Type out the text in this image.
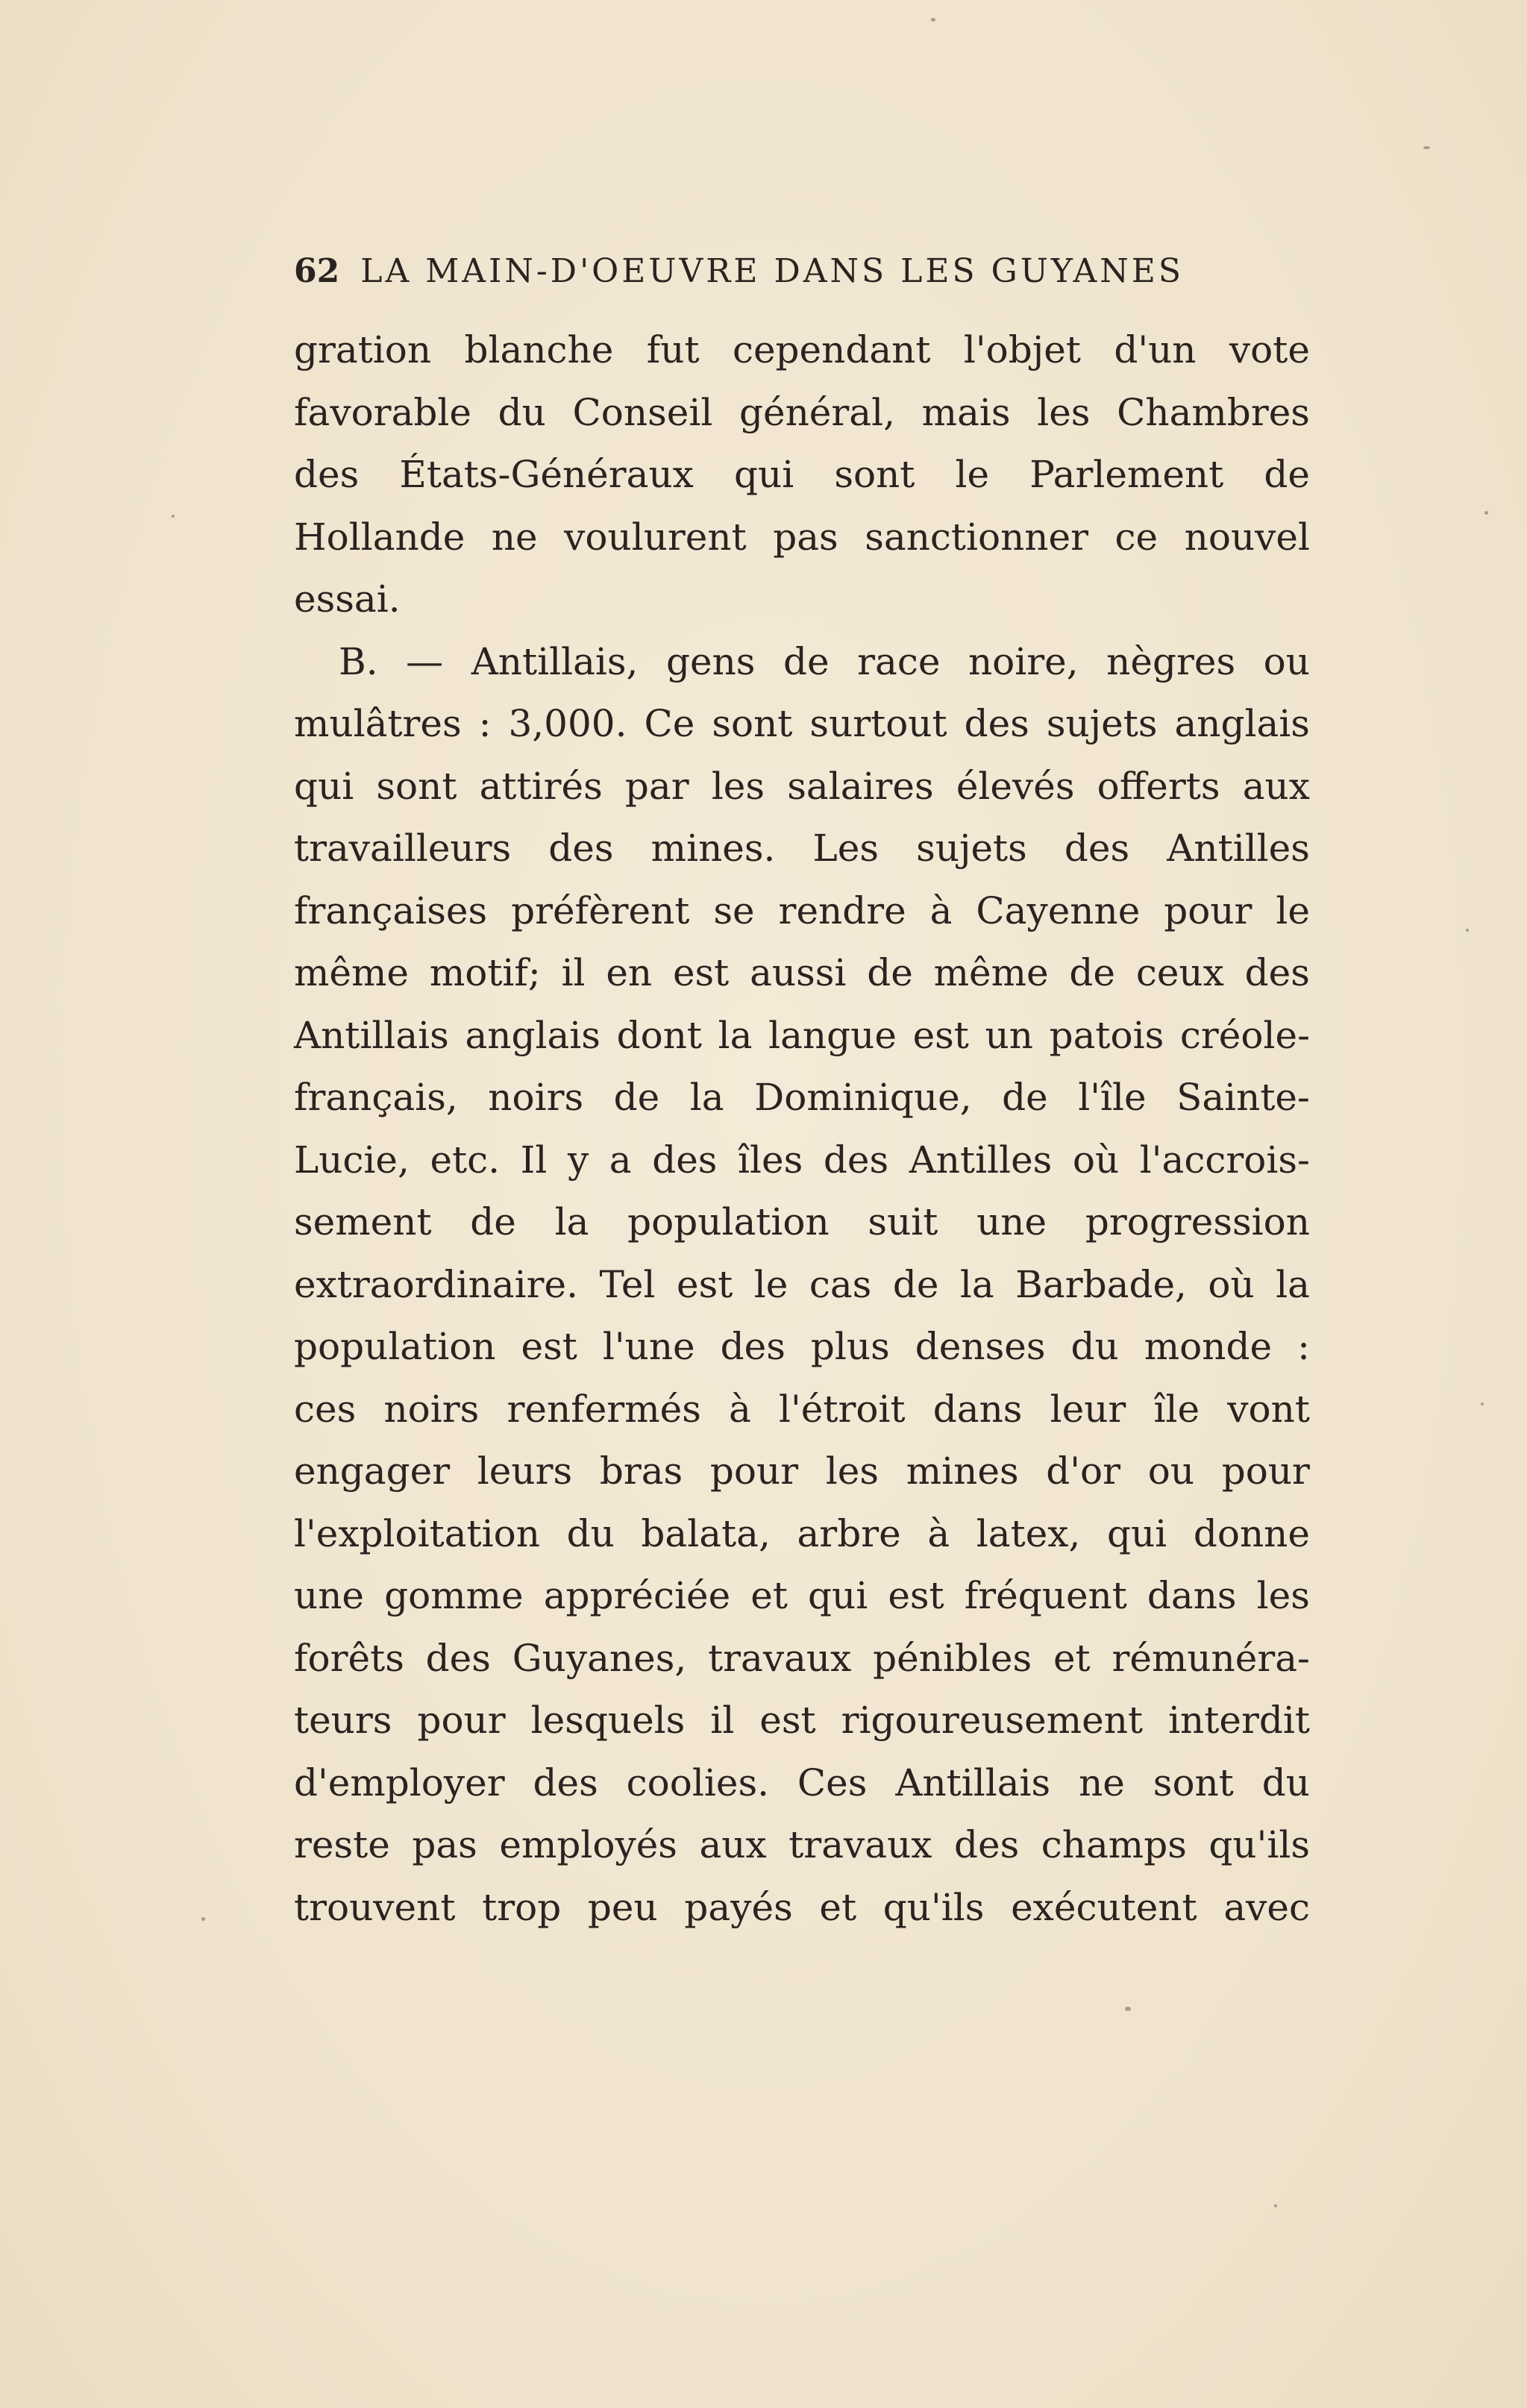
62 LA MAIN-D'OEUVRE DANS LES GUYANES
gration blanche fut cependant l'objet d'un vote
favorable du Conseil général, mais les Chambres
des États-Généraux qui sont le Parlement de
Hollande ne voulurent pas sanctionner ce nouvel
essai.
B. — Antillais, gens de race noire, nègres ou
mulâtres : 3,000. Ce sont surtout des sujets anglais
qui sont attirés par les salaires élevés offerts aux
travailleurs des mines. Les sujets des Antilles
françaises préfèrent se rendre à Cayenne pour le
même motif; il en est aussi de même de ceux des
Antillais anglais dont la langue est un patois créole-
français, noirs de la Dominique, de l'île Sainte-
Lucie, etc. Il y a des îles des Antilles où l'accrois-
sement de la population suit une progression
extraordinaire. Tel est le cas de la Barbade, où la
population est l'une des plus denses du monde :
ces noirs renfermés à l'étroit dans leur île vont
engager leurs bras pour les mines d'or ou pour
l'exploitation du balata, arbre à latex, qui donne
une gomme appréciée et qui est fréquent dans les
forêts des Guyanes, travaux pénibles et rémunéra-
teurs pour lesquels il est rigoureusement interdit
d'employer des coolies. Ces Antillais ne sont du
reste pas employés aux travaux des champs qu'ils
trouvent trop peu payés et qu'ils exécutent avec
